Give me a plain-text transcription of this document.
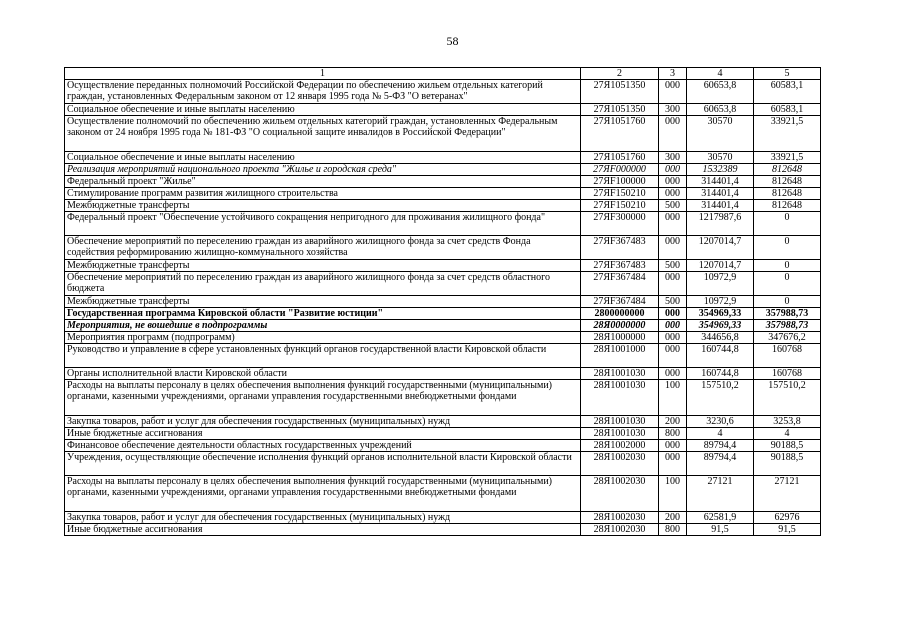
58
1	2	3	4	5
Осуществление переданных полномочий Российской Федерации по обеспечению жильем отдельных категорий граждан, установленных Федеральным законом от 12 января 1995 года № 5-ФЗ "О ветеранах"	27Я1051350	000	60653,8	60583,1
Социальное обеспечение и иные выплаты населению	27Я1051350	300	60653,8	60583,1
Осуществление полномочий по обеспечению жильем отдельных категорий граждан, установленных Федеральным законом от 24 ноября 1995 года № 181-ФЗ "О социальной защите инвалидов в Российской Федерации"	27Я1051760	000	30570	33921,5
Социальное обеспечение и иные выплаты населению	27Я1051760	300	30570	33921,5
Реализация мероприятий национального проекта "Жилье и городская среда"	27ЯF000000	000	1532389	812648
Федеральный проект "Жилье"	27ЯF100000	000	314401,4	812648
Стимулирование программ развития жилищного строительства	27ЯF150210	000	314401,4	812648
Межбюджетные трансферты	27ЯF150210	500	314401,4	812648
Федеральный проект "Обеспечение устойчивого сокращения непригодного для проживания жилищного фонда"	27ЯF300000	000	1217987,6	0
Обеспечение мероприятий по переселению граждан из аварийного жилищного фонда за счет средств Фонда содействия реформированию жилищно-коммунального хозяйства	27ЯF367483	000	1207014,7	0
Межбюджетные трансферты	27ЯF367483	500	1207014,7	0
Обеспечение мероприятий по переселению граждан из аварийного жилищного фонда за счет средств областного бюджета	27ЯF367484	000	10972,9	0
Межбюджетные трансферты	27ЯF367484	500	10972,9	0
Государственная программа Кировской области "Развитие юстиции"	2800000000	000	354969,33	357988,73
Мероприятия, не вошедшие в подпрограммы	28Я0000000	000	354969,33	357988,73
Мероприятия программ (подпрограмм)	28Я1000000	000	344656,8	347676,2
Руководство и управление в сфере установленных функций органов государственной власти Кировской области	28Я1001000	000	160744,8	160768
Органы исполнительной власти Кировской области	28Я1001030	000	160744,8	160768
Расходы на выплаты персоналу в целях обеспечения выполнения функций государственными (муниципальными) органами, казенными учреждениями, органами управления государственными внебюджетными фондами	28Я1001030	100	157510,2	157510,2
Закупка товаров, работ и услуг для обеспечения государственных (муниципальных) нужд	28Я1001030	200	3230,6	3253,8
Иные бюджетные ассигнования	28Я1001030	800	4	4
Финансовое обеспечение деятельности областных государственных учреждений	28Я1002000	000	89794,4	90188,5
Учреждения, осуществляющие обеспечение исполнения функций органов исполнительной власти Кировской области	28Я1002030	000	89794,4	90188,5
Расходы на выплаты персоналу в целях обеспечения выполнения функций государственными (муниципальными) органами, казенными учреждениями, органами управления государственными внебюджетными фондами	28Я1002030	100	27121	27121
Закупка товаров, работ и услуг для обеспечения государственных (муниципальных) нужд	28Я1002030	200	62581,9	62976
Иные бюджетные ассигнования	28Я1002030	800	91,5	91,5
